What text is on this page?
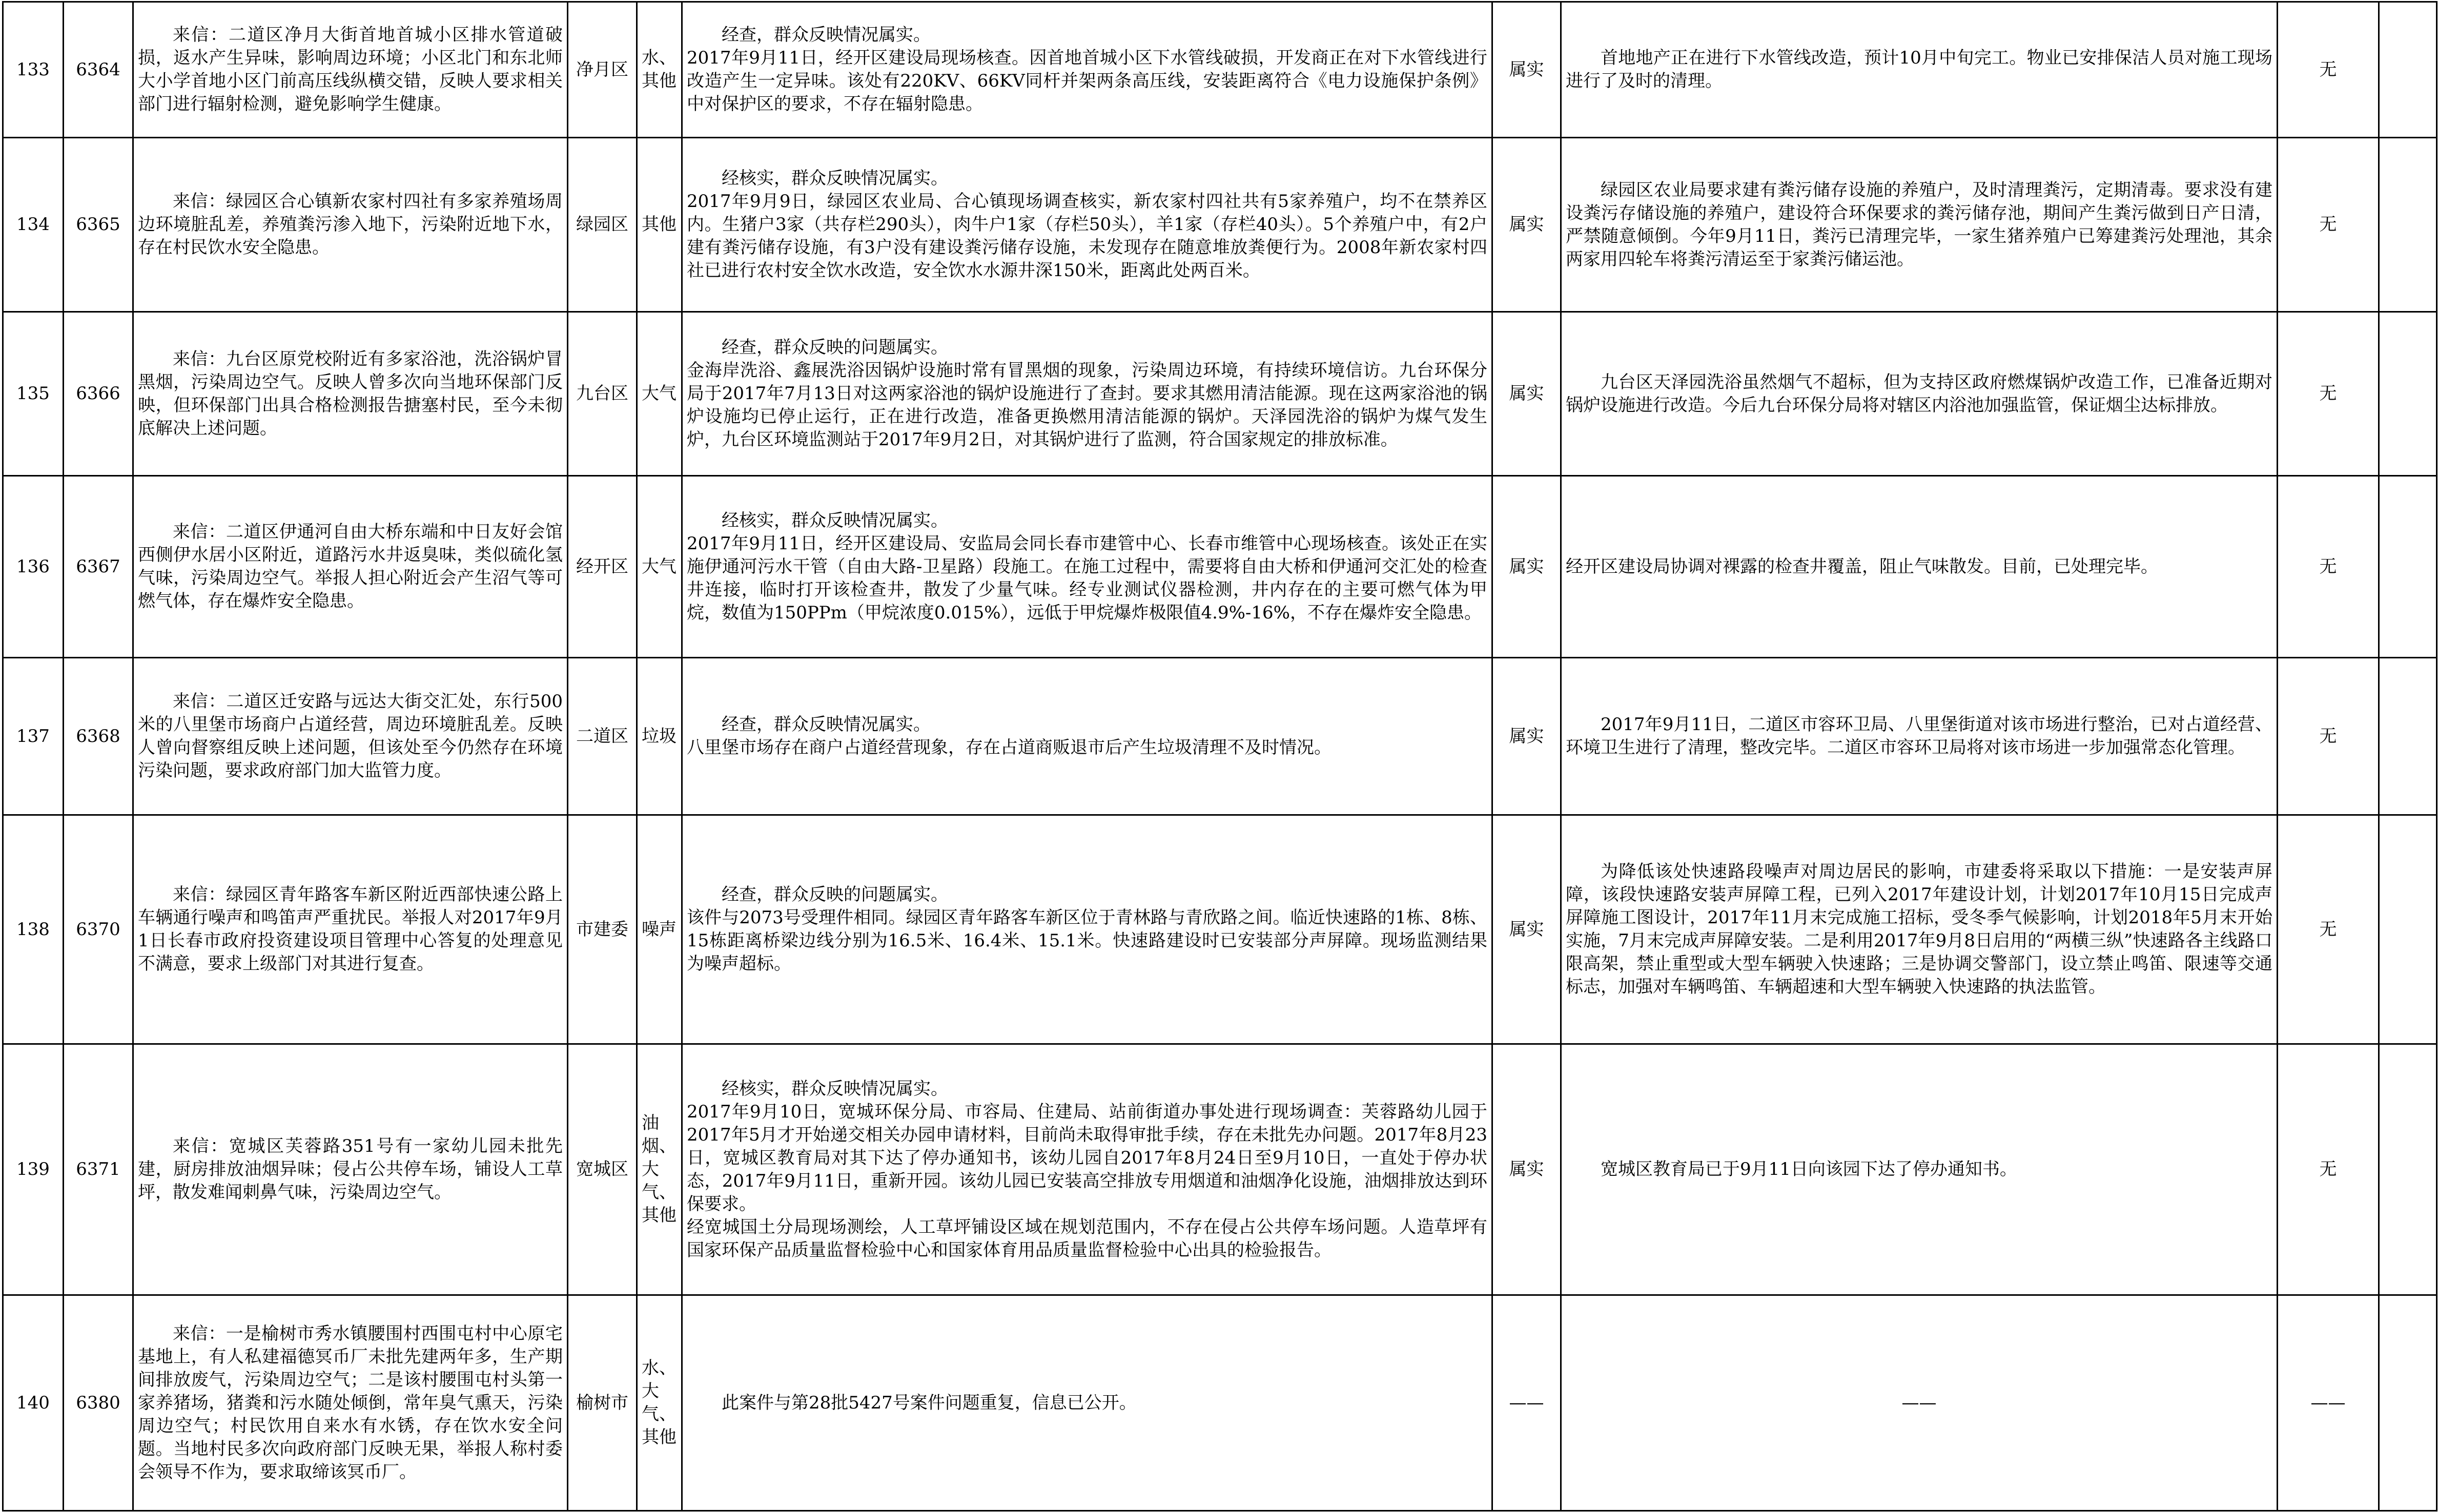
133	6364	来信：二道区净月大街首地首城小区排水管道破损，返水产生异味，影响周边环境；小区北门和东北师大小学首地小区门前高压线纵横交错，反映人要求相关部门进行辐射检测，避免影响学生健康。	净月区	水、其他	经查，群众反映情况属实。
2017年9月11日，经开区建设局现场核查。因首地首城小区下水管线破损，开发商正在对下水管线进行改造产生一定异味。该处有220KV、66KV同杆并架两条高压线，安装距离符合《电力设施保护条例》中对保护区的要求，不存在辐射隐患。	属实	首地地产正在进行下水管线改造，预计10月中旬完工。物业已安排保洁人员对施工现场进行了及时的清理。	无	
134	6365	来信：绿园区合心镇新农家村四社有多家养殖场周边环境脏乱差，养殖粪污渗入地下，污染附近地下水，存在村民饮水安全隐患。	绿园区	其他	经核实，群众反映情况属实。
2017年9月9日，绿园区农业局、合心镇现场调查核实，新农家村四社共有5家养殖户，均不在禁养区内。生猪户3家（共存栏290头），肉牛户1家（存栏50头），羊1家（存栏40头）。5个养殖户中，有2户建有粪污储存设施，有3户没有建设粪污储存设施，未发现存在随意堆放粪便行为。2008年新农家村四社已进行农村安全饮水改造，安全饮水水源井深150米，距离此处两百米。	属实	绿园区农业局要求建有粪污储存设施的养殖户，及时清理粪污，定期清毒。要求没有建设粪污存储设施的养殖户，建设符合环保要求的粪污储存池，期间产生粪污做到日产日清，严禁随意倾倒。今年9月11日，粪污已清理完毕，一家生猪养殖户已筹建粪污处理池，其余两家用四轮车将粪污清运至于家粪污储运池。	无	
135	6366	来信：九台区原党校附近有多家浴池，洗浴锅炉冒黑烟，污染周边空气。反映人曾多次向当地环保部门反映，但环保部门出具合格检测报告搪塞村民，至今未彻底解决上述问题。	九台区	大气	经查，群众反映的问题属实。
金海岸洗浴、鑫展洗浴因锅炉设施时常有冒黑烟的现象，污染周边环境，有持续环境信访。九台环保分局于2017年7月13日对这两家浴池的锅炉设施进行了查封。要求其燃用清洁能源。现在这两家浴池的锅炉设施均已停止运行，正在进行改造，准备更换燃用清洁能源的锅炉。天泽园洗浴的锅炉为煤气发生炉，九台区环境监测站于2017年9月2日，对其锅炉进行了监测，符合国家规定的排放标准。	属实	九台区天泽园洗浴虽然烟气不超标，但为支持区政府燃煤锅炉改造工作，已准备近期对锅炉设施进行改造。今后九台环保分局将对辖区内浴池加强监管，保证烟尘达标排放。	无	
136	6367	来信：二道区伊通河自由大桥东端和中日友好会馆西侧伊水居小区附近，道路污水井返臭味，类似硫化氢气味，污染周边空气。举报人担心附近会产生沼气等可燃气体，存在爆炸安全隐患。	经开区	大气	经核实，群众反映情况属实。
2017年9月11日，经开区建设局、安监局会同长春市建管中心、长春市维管中心现场核查。该处正在实施伊通河污水干管（自由大路-卫星路）段施工。在施工过程中，需要将自由大桥和伊通河交汇处的检查井连接，临时打开该检查井，散发了少量气味。经专业测试仪器检测，井内存在的主要可燃气体为甲烷，数值为150PPm（甲烷浓度0.015%），远低于甲烷爆炸极限值4.9%-16%，不存在爆炸安全隐患。	属实	经开区建设局协调对裸露的检查井覆盖，阻止气味散发。目前，已处理完毕。	无	
137	6368	来信：二道区迁安路与远达大街交汇处，东行500米的八里堡市场商户占道经营，周边环境脏乱差。反映人曾向督察组反映上述问题，但该处至今仍然存在环境污染问题，要求政府部门加大监管力度。	二道区	垃圾	经查，群众反映情况属实。
八里堡市场存在商户占道经营现象，存在占道商贩退市后产生垃圾清理不及时情况。	属实	2017年9月11日，二道区市容环卫局、八里堡街道对该市场进行整治，已对占道经营、环境卫生进行了清理，整改完毕。二道区市容环卫局将对该市场进一步加强常态化管理。	无	
138	6370	来信：绿园区青年路客车新区附近西部快速公路上车辆通行噪声和鸣笛声严重扰民。举报人对2017年9月1日长春市政府投资建设项目管理中心答复的处理意见不满意，要求上级部门对其进行复查。	市建委	噪声	经查，群众反映的问题属实。
该件与2073号受理件相同。绿园区青年路客车新区位于青林路与青欣路之间。临近快速路的1栋、8栋、15栋距离桥梁边线分别为16.5米、16.4米、15.1米。快速路建设时已安装部分声屏障。现场监测结果为噪声超标。	属实	为降低该处快速路段噪声对周边居民的影响，市建委将采取以下措施：一是安装声屏障，该段快速路安装声屏障工程，已列入2017年建设计划，计划2017年10月15日完成声屏障施工图设计，2017年11月末完成施工招标，受冬季气候影响，计划2018年5月末开始实施，7月末完成声屏障安装。二是利用2017年9月8日启用的“两横三纵”快速路各主线路口限高架，禁止重型或大型车辆驶入快速路；三是协调交警部门，设立禁止鸣笛、限速等交通标志，加强对车辆鸣笛、车辆超速和大型车辆驶入快速路的执法监管。	无	
139	6371	来信：宽城区芙蓉路351号有一家幼儿园未批先建，厨房排放油烟异味；侵占公共停车场，铺设人工草坪，散发难闻刺鼻气味，污染周边空气。	宽城区	油烟、大气、其他	经核实，群众反映情况属实。
2017年9月10日，宽城环保分局、市容局、住建局、站前街道办事处进行现场调查：芙蓉路幼儿园于2017年5月才开始递交相关办园申请材料，目前尚未取得审批手续，存在未批先办问题。2017年8月23日，宽城区教育局对其下达了停办通知书，该幼儿园自2017年8月24日至9月10日，一直处于停办状态，2017年9月11日，重新开园。该幼儿园已安装高空排放专用烟道和油烟净化设施，油烟排放达到环保要求。
经宽城国土分局现场测绘，人工草坪铺设区域在规划范围内，不存在侵占公共停车场问题。人造草坪有国家环保产品质量监督检验中心和国家体育用品质量监督检验中心出具的检验报告。	属实	宽城区教育局已于9月11日向该园下达了停办通知书。	无	
140	6380	来信：一是榆树市秀水镇腰围村西围屯村中心原宅基地上，有人私建福德冥币厂未批先建两年多，生产期间排放废气，污染周边空气；二是该村腰围屯村头第一家养猪场，猪粪和污水随处倾倒，常年臭气熏天，污染周边空气；村民饮用自来水有水锈，存在饮水安全问题。当地村民多次向政府部门反映无果，举报人称村委会领导不作为，要求取缔该冥币厂。	榆树市	水、大气、其他	此案件与第28批5427号案件问题重复，信息已公开。	——	——	——	
